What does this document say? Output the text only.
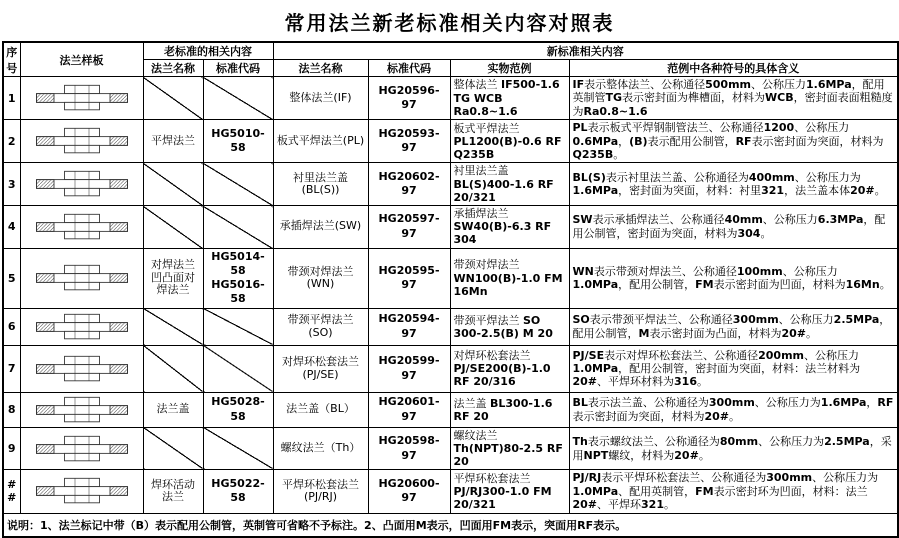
常用法兰新老标准相关内容对照表
序号	法兰样板	老标准的相关内容		新标准相关内容			
		法兰名称	标准代码	法兰名称	标准代码	实物范例	范例中各种符号的具体含义
1				整体法兰(IF)	HG20596-97	整体法兰 IF500-1.6 TG WCB Ra0.8~1.6	IF表示整体法兰、公称通径500mm、公称压力1.6MPa，配用英制管TG表示密封面为榫槽面，材料为WCB，密封面表面粗糙度为Ra0.8~1.6
2		平焊法兰	HG5010-58	板式平焊法兰(PL)	HG20593-97	板式平焊法兰 PL1200(B)-0.6 RF Q235B	PL表示板式平焊钢制管法兰、公称通径1200、公称压力0.6MPa，(B)表示配用公制管，RF表示密封面为突面，材料为Q235B。
3				衬里法兰盖(BL(S))	HG20602-97	衬里法兰盖 BL(S)400-1.6 RF 20/321	BL(S)表示衬里法兰盖、公称通径为400mm、公称压力为1.6MPa，密封面为突面，材料：衬里321，法兰盖本体20#。
4				承插焊法兰(SW)	HG20597-97	承插焊法兰 SW40(B)-6.3 RF 304	SW表示承插焊法兰、公称通径40mm、公称压力6.3MPa，配用公制管，密封面为突面，材料为304。
5		对焊法兰 凹凸面对焊法兰	HG5014-58 HG5016-58	带颈对焊法兰(WN)	HG20595-97	带颈对焊法兰 WN100(B)-1.0 FM 16Mn	WN表示带颈对焊法兰、公称通径100mm、公称压力1.0MPa，配用公制管，FM表示密封面为凹面，材料为16Mn。
6				带颈平焊法兰(SO)	HG20594-97	带颈平焊法兰 SO 300-2.5(B) M 20	SO表示带颈平焊法兰、公称通径300mm、公称压力2.5MPa，配用公制管，M表示密封面为凸面，材料为20#。
7				对焊环松套法兰 (PJ/SE)	HG20599-97	对焊环松套法兰 PJ/SE200(B)-1.0 RF 20/316	PJ/SE表示对焊环松套法兰、公称通径200mm、公称压力1.0MPa，配用公制管，密封面为突面，材料：法兰材料为20#、平焊环材料为316。
8		法兰盖	HG5028-58	法兰盖（BL）	HG20601-97	法兰盖 BL300-1.6 RF 20	BL表示法兰盖、公称通径为300mm、公称压力为1.6MPa，RF表示密封面为突面，材料为20#。
9				螺纹法兰（Th）	HG20598-97	螺纹法兰 Th(NPT)80-2.5 RF 20	Th表示螺纹法兰、公称通径为80mm、公称压力为2.5MPa，采用NPT螺纹，材料为20#。
##		焊环活动法兰	HG5022-58	平焊环松套法兰 (PJ/RJ)	HG20600-97	平焊环松套法兰 PJ/RJ300-1.0 FM 20/321	PJ/RJ表示平焊环松套法兰、公称通径为300mm、公称压力为1.0MPa、配用英制管，FM表示密封环为凹面，材料：法兰20#、平焊环321。
说明：1、法兰标记中带（B）表示配用公制管，英制管可省略不予标注。2、凸面用M表示，凹面用FM表示，突面用RF表示。							
